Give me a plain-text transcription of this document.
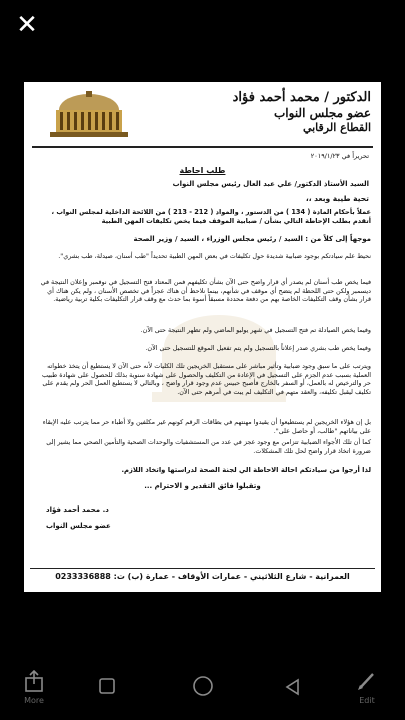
✕
الدكتور / محمد أحمد فؤاد
عضو مجلس النواب
القطاع الرقابي
تحريراً في ٢٠١٩/١/٢٣
طلب احاطة
السيد الأستاذ الدكتور/ علي عبد العال رئيس مجلس النواب
تحية طيبة وبعد ،،
عملاً بأحكام المادة ( 134 ) من الدستور ، والمواد ( 212 - 213 ) من اللائحة الداخلية لمجلس النواب ، أتقدم بطلب الإحاطة التالي بشأن / ضبابية الموقف فيما يخص تكليفات المهن الطبية
موجهاً إلى كلاً من : السيد / رئيس مجلس الوزراء ، السيد / وزير الصحة
نحيط علم سيادتكم بوجود ضبابية شديدة حول تكليفات في بعض المهن الطبية تحديداً "طب أسنان، صيدلة، طب بشري".
فيما يخص طب أسنان لم يصدر أي قرار واضح حتى الآن بشأن تكليفهم فمن المعتاد فتح التسجيل في نوفمبر وإعلان النتيجة في ديسمبر ولكن حتى اللحظة لم يتضح أي موقف في شأنهم، بينما نلاحظ أن هناك عجزاً في تخصص الأسنان ، ولم يكن هناك أي قرار بشأن وقف التكليفات الخاصة بهم من دفعة محددة مسبقاً أسوة بما حدث مع وقف قرار التكليفات بكلية تربية رياضية.
وفيما يخص الصيادلة تم فتح التسجيل في شهر يوليو الماضي ولم تظهر النتيجة حتى الآن.
وفيما يخص طب بشري صدر إعلاناً بالتسجيل ولم يتم تفعيل الموقع للتسجيل حتى الآن.
ويترتب على ما سبق وجود ضبابية وتأثير مباشر على مستقبل الخريجين تلك الكليات لأنه حتى الآن لا يستطيع أن يتخذ خطواته العملية بسبب عدم الجزم على التسجيل في الإعادة من التكليف والحصول على شهادة سنوية بذلك للحصول على شهادة طبيب حر والترخيص له بالعمل، أو السفر بالخارج فأصبح حبيس عدم وجود قرار واضح ، وبالتالي لا يستطيع العمل الحر ولم يقدم على تكليف ليقبل تكليفه، والعقد متهم في التكليف لم يبت في أمرهم حتى الآن.
بل إن هؤلاء الخريجين لم يستطيعوا أن يقيدوا مهنتهم في بطاقات الرقم كونهم غير مكلفين ولا أطباء حر مما يترتب عليه الإبقاء على بياناتهم "طالب، أو حاصل على".
كما أن تلك الأجواء الضبابية تتزامن مع وجود عجز في عدد من المستشفيات والوحدات الصحية والتأمين الصحي مما يشير إلى ضرورة اتخاذ قرار واضح لحل تلك المشكلات.
لذا أرجوا من سيادتكم احالة الاحاطة الي لجنة الصحة لدراستها واتخاذ اللازم.
وتقبلوا فائق التقدير و الاحترام ...
د. محمد أحمد فؤاد
عضو مجلس النواب
العمرانية - شارع الثلاثيني - عمارات الأوقاف - عمارة (ب) ت: 0233336888
More	Edit
